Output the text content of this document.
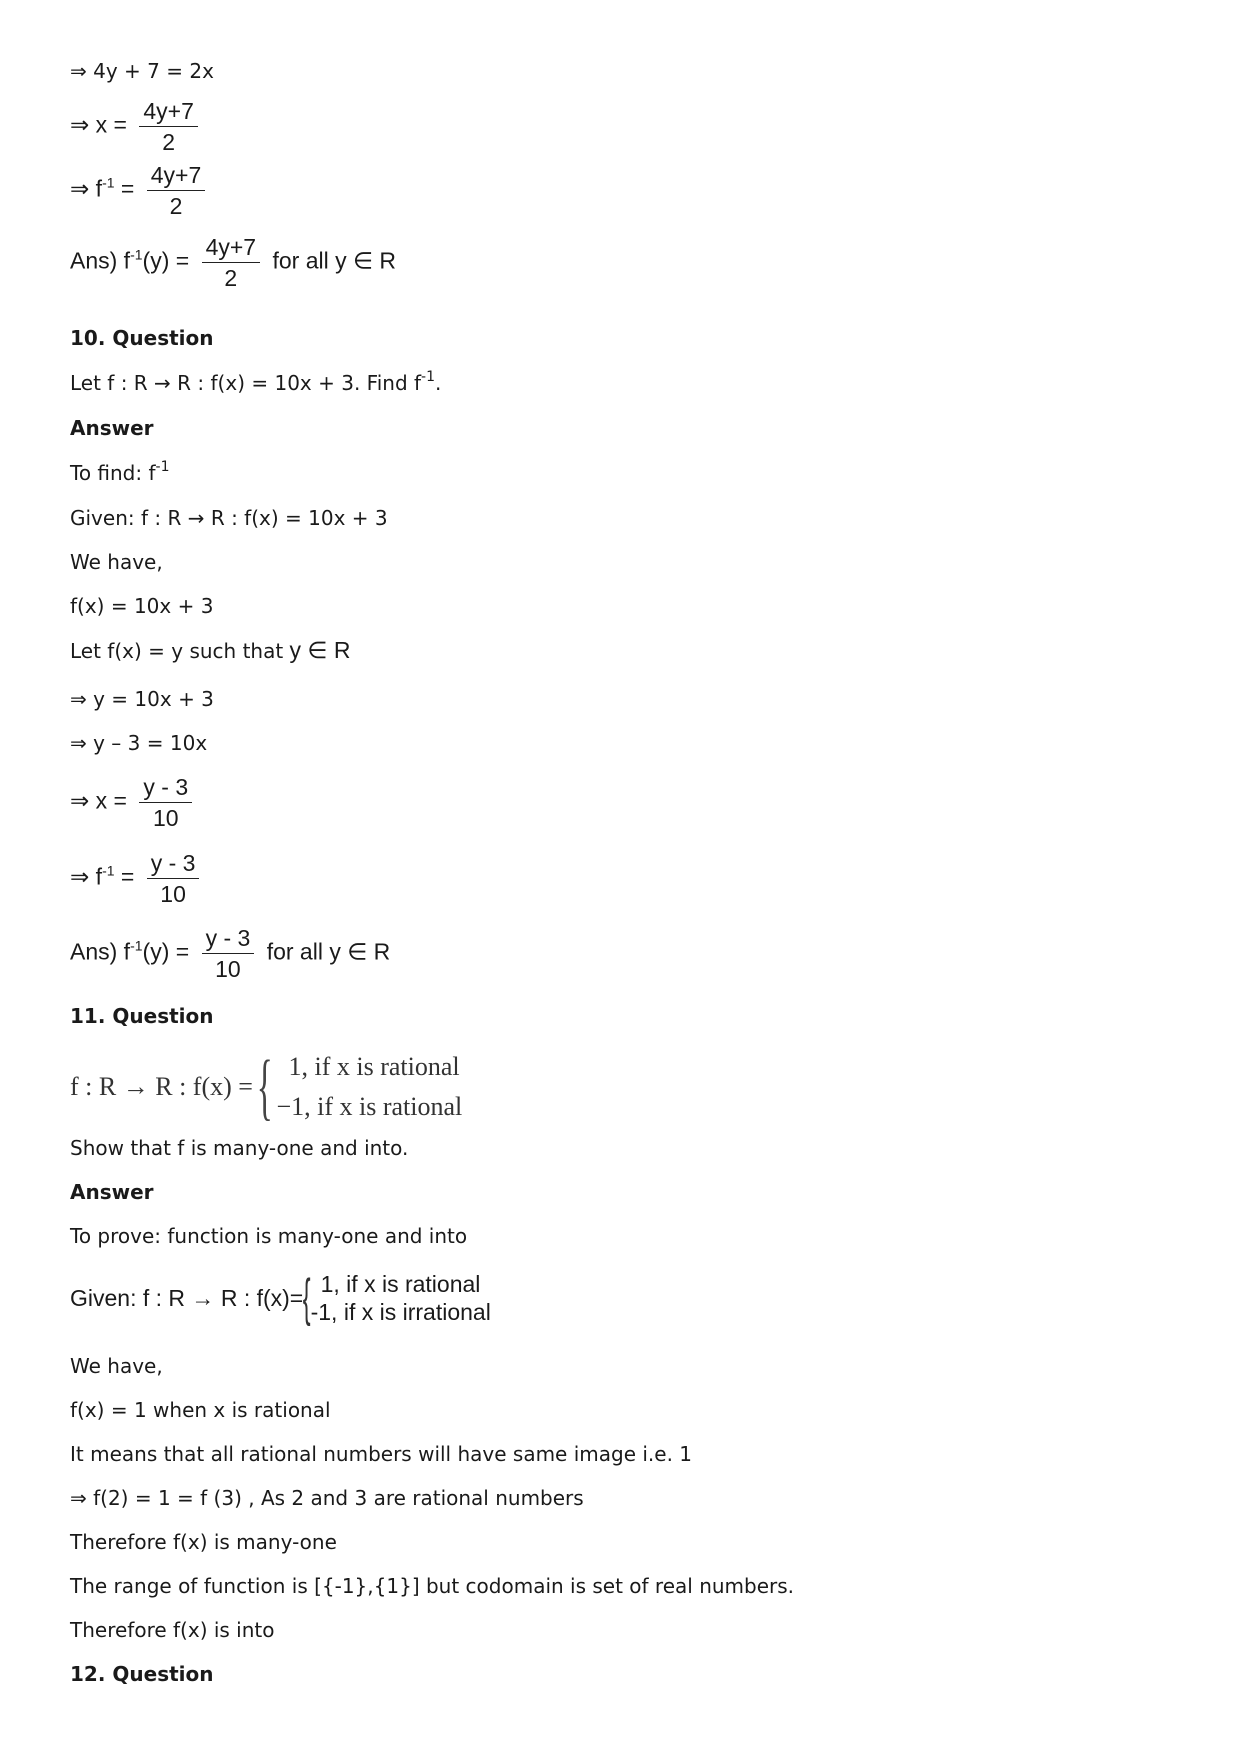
⇒ 4y + 7 = 2x
⇒ $x = \frac{4y+7}{2}$
⇒ $f^{-1} = \frac{4y+7}{2}$
Ans) $f^{-1}(y) = \frac{4y+7}{2}$ for all y ∈ R
10. Question
Let f : R → R : f(x) = 10x + 3. Find $f^{-1}$.
Answer
To find: $f^{-1}$
Given: f : R → R : f(x) = 10x + 3
We have,
f(x) = 10x + 3
Let f(x) = y such that y ∈ R
⇒ y = 10x + 3
⇒ y – 3 = 10x
⇒ $x = \frac{y - 3}{10}$
⇒ $f^{-1} = \frac{y - 3}{10}$
Ans) $f^{-1}(y) = \frac{y - 3}{10}$ for all y ∈ R
11. Question
f : R → R : f(x) = { 1, if x is rational
−1, if x is rational
Show that f is many-one and into.
Answer
To prove: function is many-one and into
Given: f : R → R : f(x)= { 1, if x is rational
-1, if x is irrational
We have,
f(x) = 1 when x is rational
It means that all rational numbers will have same image i.e. 1
⇒ f(2) = 1 = f (3) , As 2 and 3 are rational numbers
Therefore f(x) is many-one
The range of function is [{-1},{1}] but codomain is set of real numbers.
Therefore f(x) is into
12. Question
